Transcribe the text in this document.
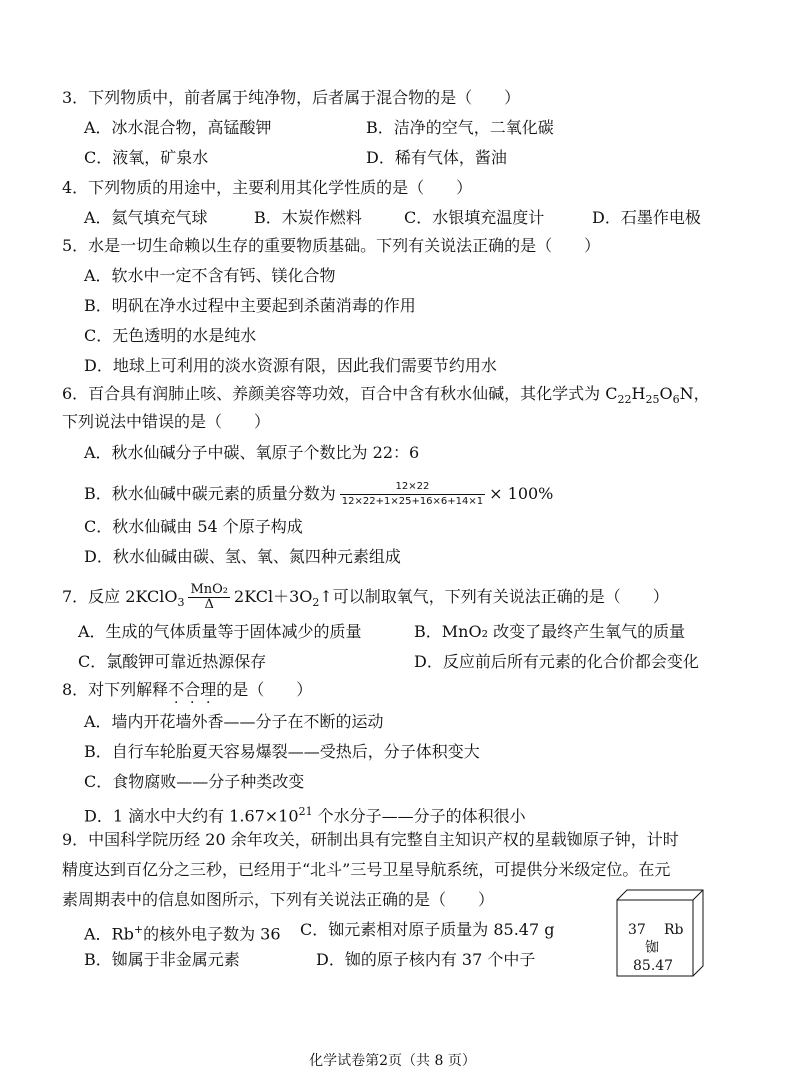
3．下列物质中，前者属于纯净物，后者属于混合物的是（　　）
A．冰水混合物，高锰酸钾	B．洁净的空气，二氧化碳
C．液氧，矿泉水	D．稀有气体，酱油
4．下列物质的用途中，主要利用其化学性质的是（　　）
A．氦气填充气球	B．木炭作燃料	C．水银填充温度计	D．石墨作电极
5．水是一切生命赖以生存的重要物质基础。下列有关说法正确的是（　　）
A．软水中一定不含有钙、镁化合物
B．明矾在净水过程中主要起到杀菌消毒的作用
C．无色透明的水是纯水
D．地球上可利用的淡水资源有限，因此我们需要节约用水
6．百合具有润肺止咳、养颜美容等功效，百合中含有秋水仙碱，其化学式为 $C_{22}H_{25}O_6N$，
下列说法中错误的是（　　）
A．秋水仙碱分子中碳、氧原子个数比为 22：6
B．秋水仙碱中碳元素的质量分数为 $\frac{12\times 22}{12\times 22+1\times 25+16\times 6+14\times 1} \times 100\%$
C．秋水仙碱由 54 个原子构成
D．秋水仙碱由碳、氢、氧、氮四种元素组成
7．反应 2KClO$_3$
MnO₂
Δ $2KCl+3O_2↑$可以制取氧气，下列有关说法正确的是（　　）
A．生成的气体质量等于固体减少的质量	B．MnO₂ 改变了最终产生氧气的质量
C．氯酸钾可靠近热源保存	D．反应前后所有元素的化合价都会变化
8．对下列解释不合理的是（　　）
A．墙内开花墙外香——分子在不断的运动
B．自行车轮胎夏天容易爆裂——受热后，分子体积变大
C．食物腐败——分子种类改变
D．1 滴水中大约有 $1.67\times 10^{21}$ 个水分子——分子的体积很小
9．中国科学院历经 20 余年攻关，研制出具有完整自主知识产权的星载铷原子钟，计时
精度达到百亿分之三秒，已经用于“北斗”三号卫星导航系统，可提供分米级定位。在元
素周期表中的信息如图所示，下列有关说法正确的是（　　）
A．Rb+的核外电子数为 36 C．铷元素相对原子质量为 85.47 g
B．铷属于非金属元素	D．铷的原子核内有 37 个中子
37 Rb
铷
85.47
化学试卷第2页（共 8 页）
